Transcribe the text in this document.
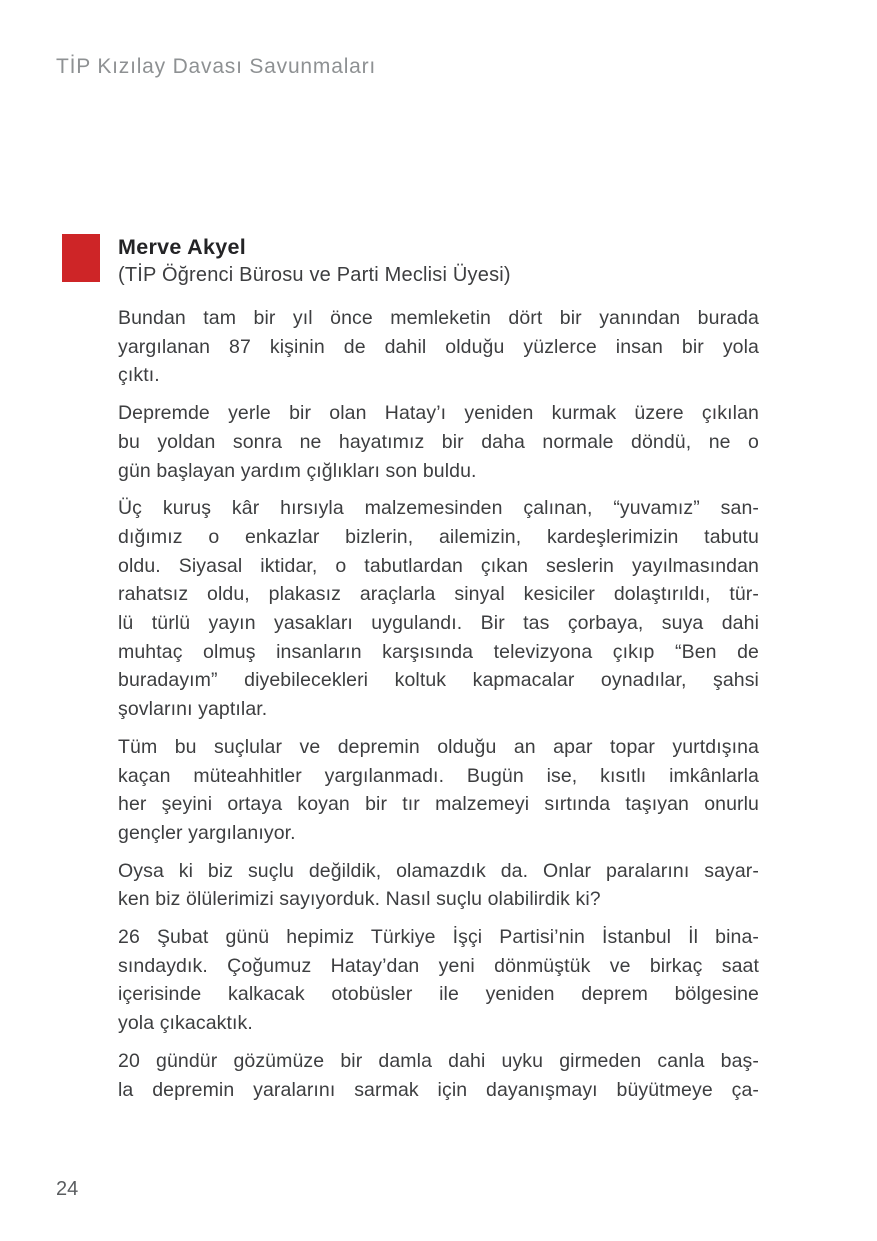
TİP Kızılay Davası Savunmaları
Merve Akyel
(TİP Öğrenci Bürosu ve Parti Meclisi Üyesi)
Bundan tam bir yıl önce memleketin dört bir yanından burada
yargılanan 87 kişinin de dahil olduğu yüzlerce insan bir yola
çıktı.
Depremde yerle bir olan Hatay’ı yeniden kurmak üzere çıkılan
bu yoldan sonra ne hayatımız bir daha normale döndü, ne o
gün başlayan yardım çığlıkları son buldu.
Üç kuruş kâr hırsıyla malzemesinden çalınan, “yuvamız” san-
dığımız o enkazlar bizlerin, ailemizin, kardeşlerimizin tabutu
oldu. Siyasal iktidar, o tabutlardan çıkan seslerin yayılmasından
rahatsız oldu, plakasız araçlarla sinyal kesiciler dolaştırıldı, tür-
lü türlü yayın yasakları uygulandı. Bir tas çorbaya, suya dahi
muhtaç olmuş insanların karşısında televizyona çıkıp “Ben de
buradayım” diyebilecekleri koltuk kapmacalar oynadılar, şahsi
şovlarını yaptılar.
Tüm bu suçlular ve depremin olduğu an apar topar yurtdışına
kaçan müteahhitler yargılanmadı. Bugün ise, kısıtlı imkânlarla
her şeyini ortaya koyan bir tır malzemeyi sırtında taşıyan onurlu
gençler yargılanıyor.
Oysa ki biz suçlu değildik, olamazdık da. Onlar paralarını sayar-
ken biz ölülerimizi sayıyorduk. Nasıl suçlu olabilirdik ki?
26 Şubat günü hepimiz Türkiye İşçi Partisi’nin İstanbul İl bina-
sındaydık. Çoğumuz Hatay’dan yeni dönmüştük ve birkaç saat
içerisinde kalkacak otobüsler ile yeniden deprem bölgesine
yola çıkacaktık.
20 gündür gözümüze bir damla dahi uyku girmeden canla baş-
la depremin yaralarını sarmak için dayanışmayı büyütmeye ça-
24
